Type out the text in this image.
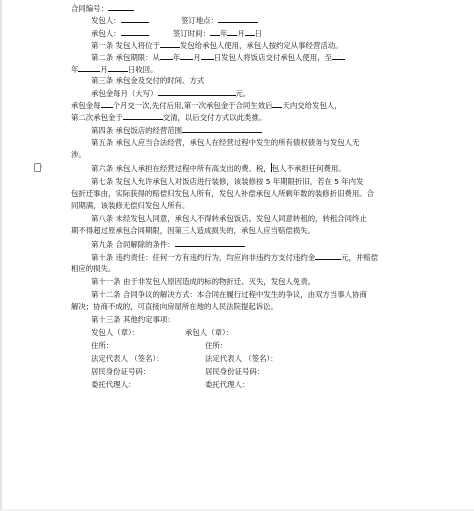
合同编号：
发包人：	签订地点：
承包人：	签订时间： 年 月 日
第一条 发包人将位于	发包给承包人使用，承包人按约定从事经营活动。
第二条 承包期限：从 年 月 日发包人将饭店交付承包人使用，至
年	月	日收回。
第三条 承包金及交付的时间、方式
承包金每月（大写）	元。
承包金每 个月交一次,先付后用,第一次承包金于合同生效后 天内交给发包人，
第二次承包金于	交清，以后交付方式以此类推。
第四条 承包饭店的经营范围
第五条 承包人应当合法经营，承包人在经营过程中发生的所有债权债务与发包人无
涉。
▸	第六条 承包人承担在经营过程中所有高支出的费、税，包人不承担任何费用。
第七条 发包人允许承包人对饭店进行装修，该装修按 5 年期限折旧，若在 5 年内发
包折迁事由，实际获得的赔偿归发包人所有，发包人补偿承包人所剩年数的装修折旧费用。合
同期满，该装修无偿归发包人所有。
第八条 未经发包人同意，承包人不得转承包饭店。发包人同意转租的，转租合同终止
期不得超过原承包合同期限，因第三人造成损失的，承包人应当赔偿损失。
第九条 合同解除的条件：
第十条 违约责任：任何一方有违约行为，均应向非违约方支付违约金	元，并赔偿
相应的损失。
第十一条 由于非发包人原因造成的标的物折迁、灭失，发包人免责。
第十二条 合同争议的解决方式：本合同在履行过程中发生的争议，由双方当事人协商
解决；协商不成的，可直接向房屋所在地的人民法院提起诉讼。
第十三条 其他约定事项：
发包人（章）：	承包人（章）：
住所：	住所：
法定代表人 （签名）：	法定代表人 （签名）：
居民身份证号码：	居民身份证号码：
委托代理人：	委托代理人：
